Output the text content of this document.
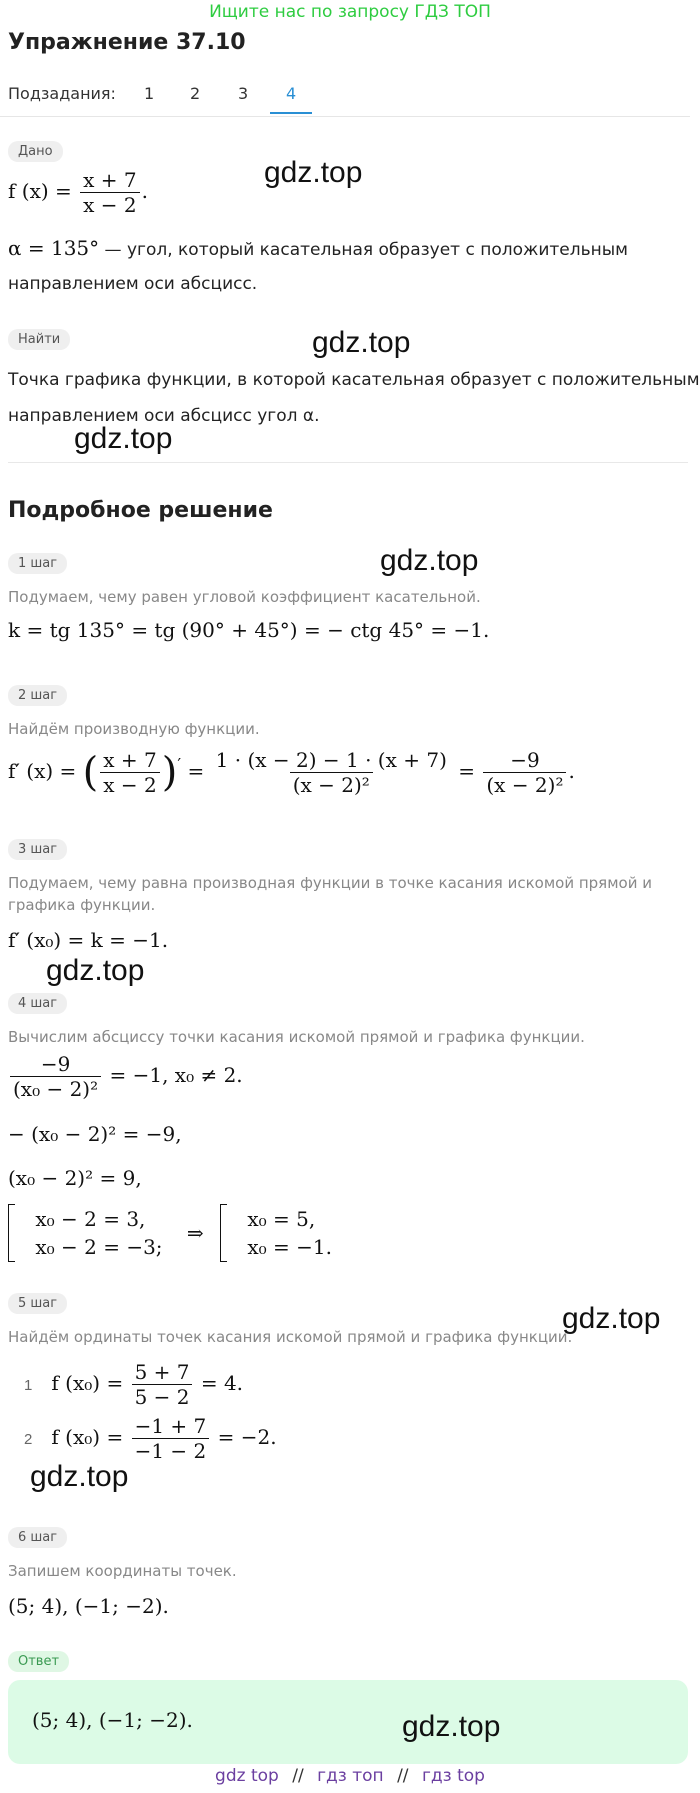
Ищите нас по запросу ГДЗ ТОП
Упражнение 37.10
Подзадания: 1 2 3 4
Дано
f $(x) = \frac{x + 7}{x - 2}$ .
α = 135° — угол, который касательная образует с положительным
направлением оси абсцисс.
Найти
Точка графика функции, в которой касательная образует с положительным
направлением оси абсцисс угол α.
Подробное решение
1 шаг
Подумаем, чему равен угловой коэффициент касательной.
k = tg 135° = tg (90° + 45°) = − ctg 45° = −1.
2 шаг
Найдём производную функции.
f′ (x) = ( $\frac{x + 7}{x - 2} )' = \frac{1 \cdot (x - 2) - 1 \cdot (x + 7)}{\text{(x − 2)²}} = \frac{-9}{\text{(x − 2)²}}$ .
3 шаг
Подумаем, чему равна производная функции в точке касания искомой прямой и
графика функции.
f′ (x₀) = k = −1.
4 шаг
Вычислим абсциссу точки касания искомой прямой и графика функции.
$\frac{-9}{\text{(x₀ − 2)²}} = -1$, x₀ ≠ 2.
− (x₀ − 2)² = −9,
(x₀ − 2)² = 9,

x₀ − 2 = 3,
x₀ − 2 = −3;
⇒
x₀ = 5,
x₀ = −1.
5 шаг
Найдём ординаты точек касания искомой прямой и графика функции.
1 f $(x_0) = \frac{5 + 7}{5 - 2} = 4$.
2 f $(x_0) = \frac{-1 + 7}{-1 - 2} = -2$.
6 шаг
Запишем координаты точек.
(5; 4), (−1; −2).
Ответ
(5; 4), (−1; −2).
gdz.top
gdz.top
gdz.top
gdz.top
gdz.top
gdz.top
gdz.top
gdz.top
gdz top // гдз топ // гдз top
